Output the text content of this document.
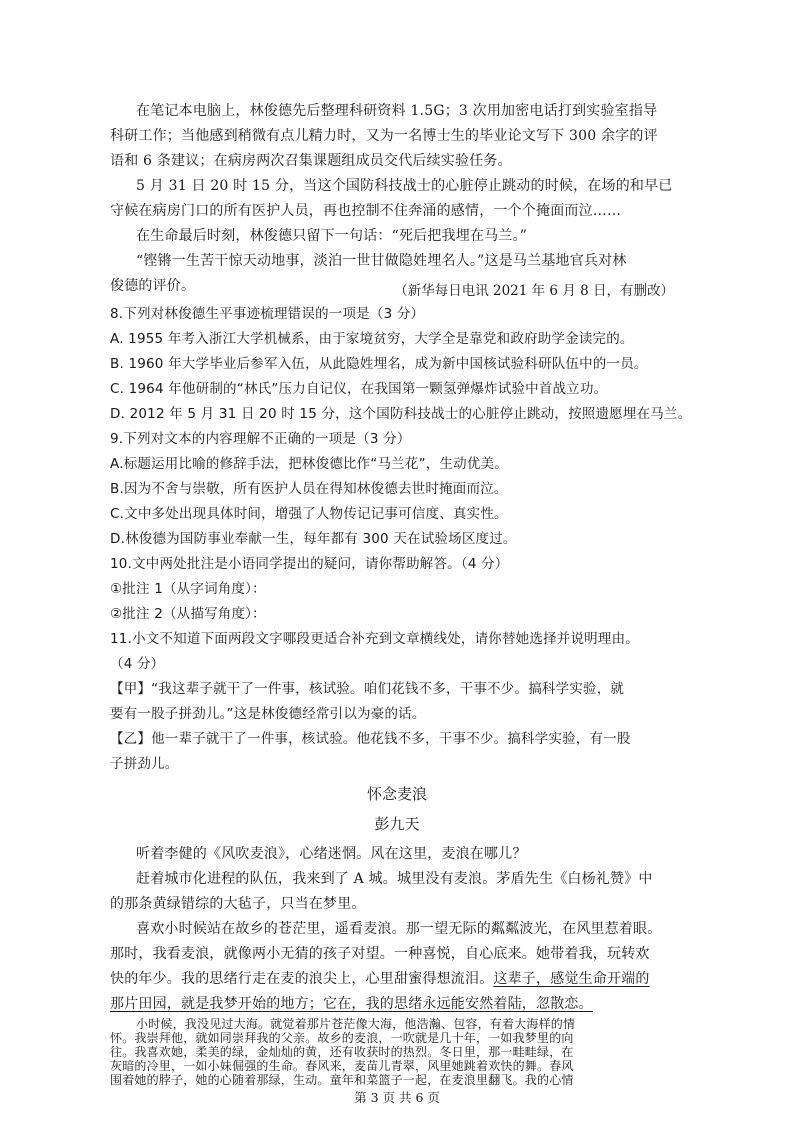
在笔记本电脑上，林俊德先后整理科研资料 1.5G；3 次用加密电话打到实验室指导
科研工作；当他感到稍微有点儿精力时，又为一名博士生的毕业论文写下 300 余字的评
语和 6 条建议；在病房两次召集课题组成员交代后续实验任务。
5 月 31 日 20 时 15 分，当这个国防科技战士的心脏停止跳动的时候，在场的和早已
守候在病房门口的所有医护人员，再也控制不住奔涌的感情，一个个掩面而泣……
在生命最后时刻，林俊德只留下一句话：“死后把我埋在马兰。”
“铿锵一生苦干惊天动地事，淡泊一世甘做隐姓埋名人。”这是马兰基地官兵对林
俊德的评价。	（新华每日电讯 2021 年 6 月 8 日，有删改）
8.下列对林俊德生平事迹梳理错误的一项是（3 分）
A. 1955 年考入浙江大学机械系，由于家境贫穷，大学全是靠党和政府助学金读完的。
B. 1960 年大学毕业后参军入伍，从此隐姓埋名，成为新中国核试验科研队伍中的一员。
C. 1964 年他研制的“林氏”压力自记仪，在我国第一颗氢弹爆炸试验中首战立功。
D. 2012 年 5 月 31 日 20 时 15 分，这个国防科技战士的心脏停止跳动，按照遗愿埋在马兰。
9.下列对文本的内容理解不正确的一项是（3 分）
A.标题运用比喻的修辞手法，把林俊德比作“马兰花”，生动优美。
B.因为不舍与崇敬，所有医护人员在得知林俊德去世时掩面而泣。
C.文中多处出现具体时间，增强了人物传记记事可信度、真实性。
D.林俊德为国防事业奉献一生，每年都有 300 天在试验场区度过。
10.文中两处批注是小语同学提出的疑问，请你帮助解答。（4 分）
①批注 1（从字词角度）：
②批注 2（从描写角度）：
11.小文不知道下面两段文字哪段更适合补充到文章横线处，请你替她选择并说明理由。
（4 分）
【甲】“我这辈子就干了一件事，核试验。咱们花钱不多，干事不少。搞科学实验，就
要有一股子拼劲儿。”这是林俊德经常引以为豪的话。
【乙】他一辈子就干了一件事，核试验。他花钱不多，干事不少。搞科学实验，有一股
子拼劲儿。
怀念麦浪
彭九天
听着李健的《风吹麦浪》，心绪迷惘。风在这里，麦浪在哪儿？
赶着城市化进程的队伍，我来到了 A 城。城里没有麦浪。茅盾先生《白杨礼赞》中
的那条黄绿错综的大毡子，只当在梦里。
喜欢小时候站在故乡的苍茫里，遥看麦浪。那一望无际的粼粼波光，在风里惹着眼。
那时，我看麦浪，就像两小无猜的孩子对望。一种喜悦，自心底来。她带着我，玩转欢
快的年少。我的思绪行走在麦的浪尖上，心里甜蜜得想流泪。这辈子，感觉生命开端的
那片田园，就是我梦开始的地方；它在，我的思绪永远能安然着陆，忽散恋。
小时候，我没见过大海。就觉着那片苍茫像大海，他浩瀚、包容，有着大海样的情
怀。我崇拜他，就如同崇拜我的父亲。故乡的麦浪，一吹就是几十年，一如我梦里的向
第 3 页 共 6 页
往。我喜欢她，柔美的绿，金灿灿的黄，还有收获时的热烈。冬日里，那一畦畦绿，在
灰暗的冷里，一如小妹倔强的生命。春风来，麦苗儿青翠，风里她跳着欢快的舞。春风
围着她的脖子，她的心随着那绿，生动。童年和菜篮子一起，在麦浪里翻飞。我的心情
